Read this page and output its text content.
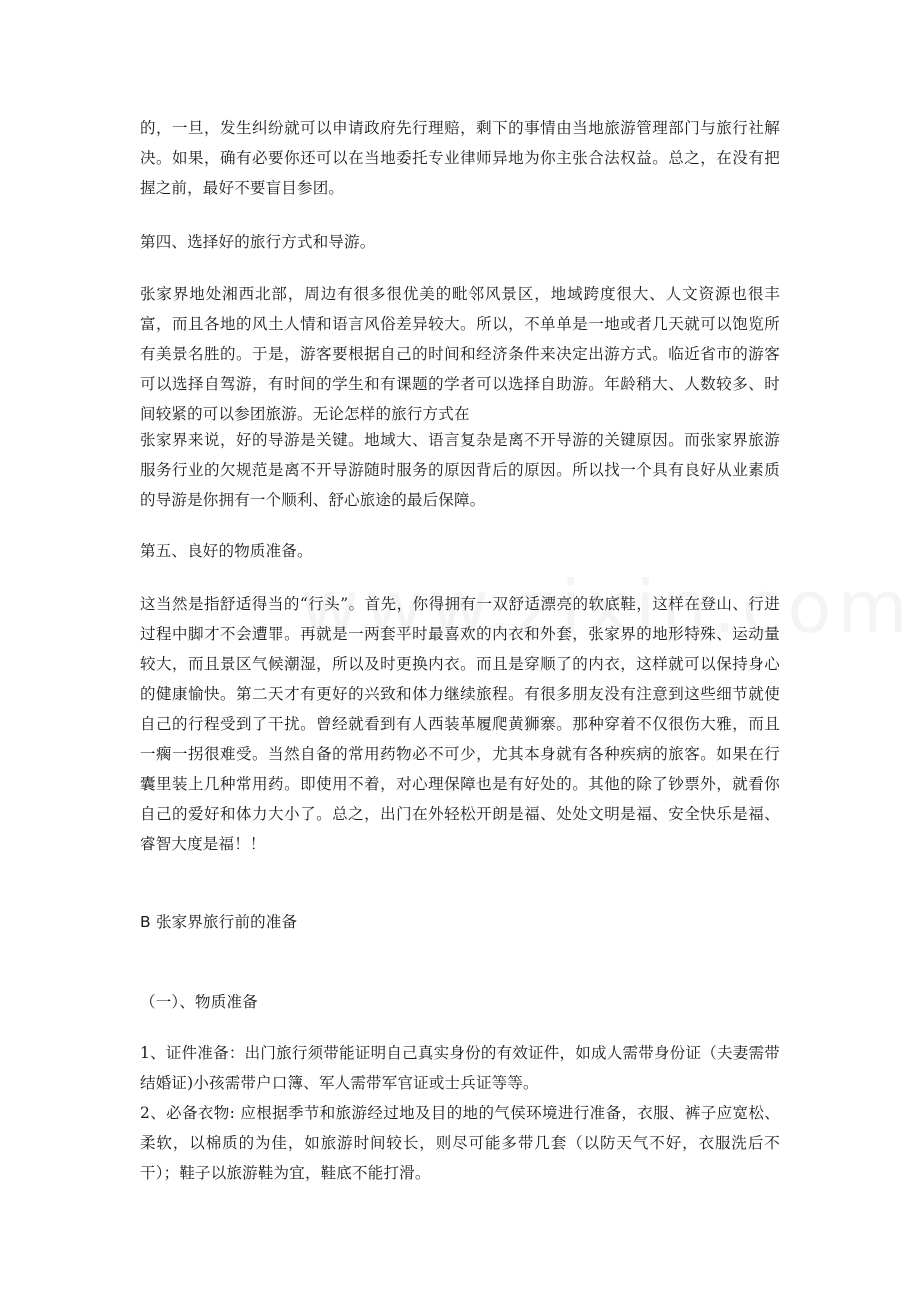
的，一旦，发生纠纷就可以申请政府先行理赔，剩下的事情由当地旅游管理部门与旅行社解决。如果，确有必要你还可以在当地委托专业律师异地为你主张合法权益。总之，在没有把握之前，最好不要盲目参团。

第四、选择好的旅行方式和导游。

张家界地处湘西北部，周边有很多很优美的毗邻风景区，地域跨度很大、人文资源也很丰富，而且各地的风土人情和语言风俗差异较大。所以，不单单是一地或者几天就可以饱览所有美景名胜的。于是，游客要根据自己的时间和经济条件来决定出游方式。临近省市的游客可以选择自驾游，有时间的学生和有课题的学者可以选择自助游。年龄稍大、人数较多、时间较紧的可以参团旅游。无论怎样的旅行方式在

张家界来说，好的导游是关键。地域大、语言复杂是离不开导游的关键原因。而张家界旅游服务行业的欠规范是离不开导游随时服务的原因背后的原因。所以找一个具有良好从业素质的导游是你拥有一个顺利、舒心旅途的最后保障。

第五、良好的物质准备。

这当然是指舒适得当的“行头”。首先，你得拥有一双舒适漂亮的软底鞋，这样在登山、行进过程中脚才不会遭罪。再就是一两套平时最喜欢的内衣和外套，张家界的地形特殊、运动量较大，而且景区气候潮湿，所以及时更换内衣。而且是穿顺了的内衣，这样就可以保持身心的健康愉快。第二天才有更好的兴致和体力继续旅程。有很多朋友没有注意到这些细节就使自己的行程受到了干扰。曾经就看到有人西装革履爬黄狮寨。那种穿着不仅很伤大雅，而且一瘸一拐很难受。当然自备的常用药物必不可少，尤其本身就有各种疾病的旅客。如果在行囊里装上几种常用药。即使用不着，对心理保障也是有好处的。其他的除了钞票外，就看你自己的爱好和体力大小了。总之，出门在外轻松开朗是福、处处文明是福、安全快乐是福、睿智大度是福！！

B 张家界旅行前的准备

（一）、物质准备

1、证件准备：出门旅行须带能证明自己真实身份的有效证件，如成人需带身份证（夫妻需带结婚证)小孩需带户口簿、军人需带军官证或士兵证等等。

2、必备衣物: 应根据季节和旅游经过地及目的地的气侯环境进行准备，衣服、裤子应宽松、柔软，以棉质的为佳，如旅游时间较长，则尽可能多带几套（以防天气不好，衣服洗后不干）；鞋子以旅游鞋为宜，鞋底不能打滑。
